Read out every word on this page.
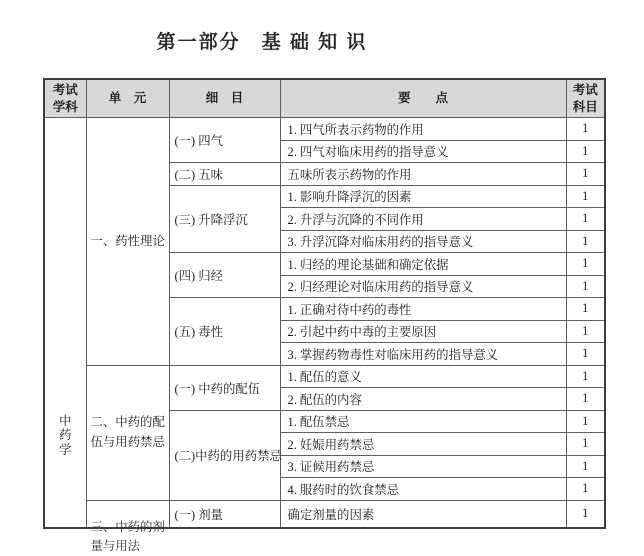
第一部分　基 础 知 识
考试学科	单　元	细　目	要　　点	考试科目

中药学	一、药性理论	(一) 四气	1. 四气所表示药物的作用	1
			2. 四气对临床用药的指导意义	1
		(二) 五味	五味所表示药物的作用	1
		(三) 升降浮沉	1. 影响升降浮沉的因素	1
			2. 升浮与沉降的不同作用	1
			3. 升浮沉降对临床用药的指导意义	1
		(四) 归经	1. 归经的理论基础和确定依据	1
			2. 归经理论对临床用药的指导意义	1
		(五) 毒性	1. 正确对待中药的毒性	1
			2. 引起中药中毒的主要原因	1
			3. 掌握药物毒性对临床用药的指导意义	1
	二、中药的配伍与用药禁忌	(一) 中药的配伍	1. 配伍的意义	1
			2. 配伍的内容	1
		(二)中药的用药禁忌	1. 配伍禁忌	1
			2. 妊娠用药禁忌	1
			3. 证候用药禁忌	1
			4. 服药时的饮食禁忌	1

	三、中药的剂量与用法	(一) 剂量	确定剂量的因素	1
